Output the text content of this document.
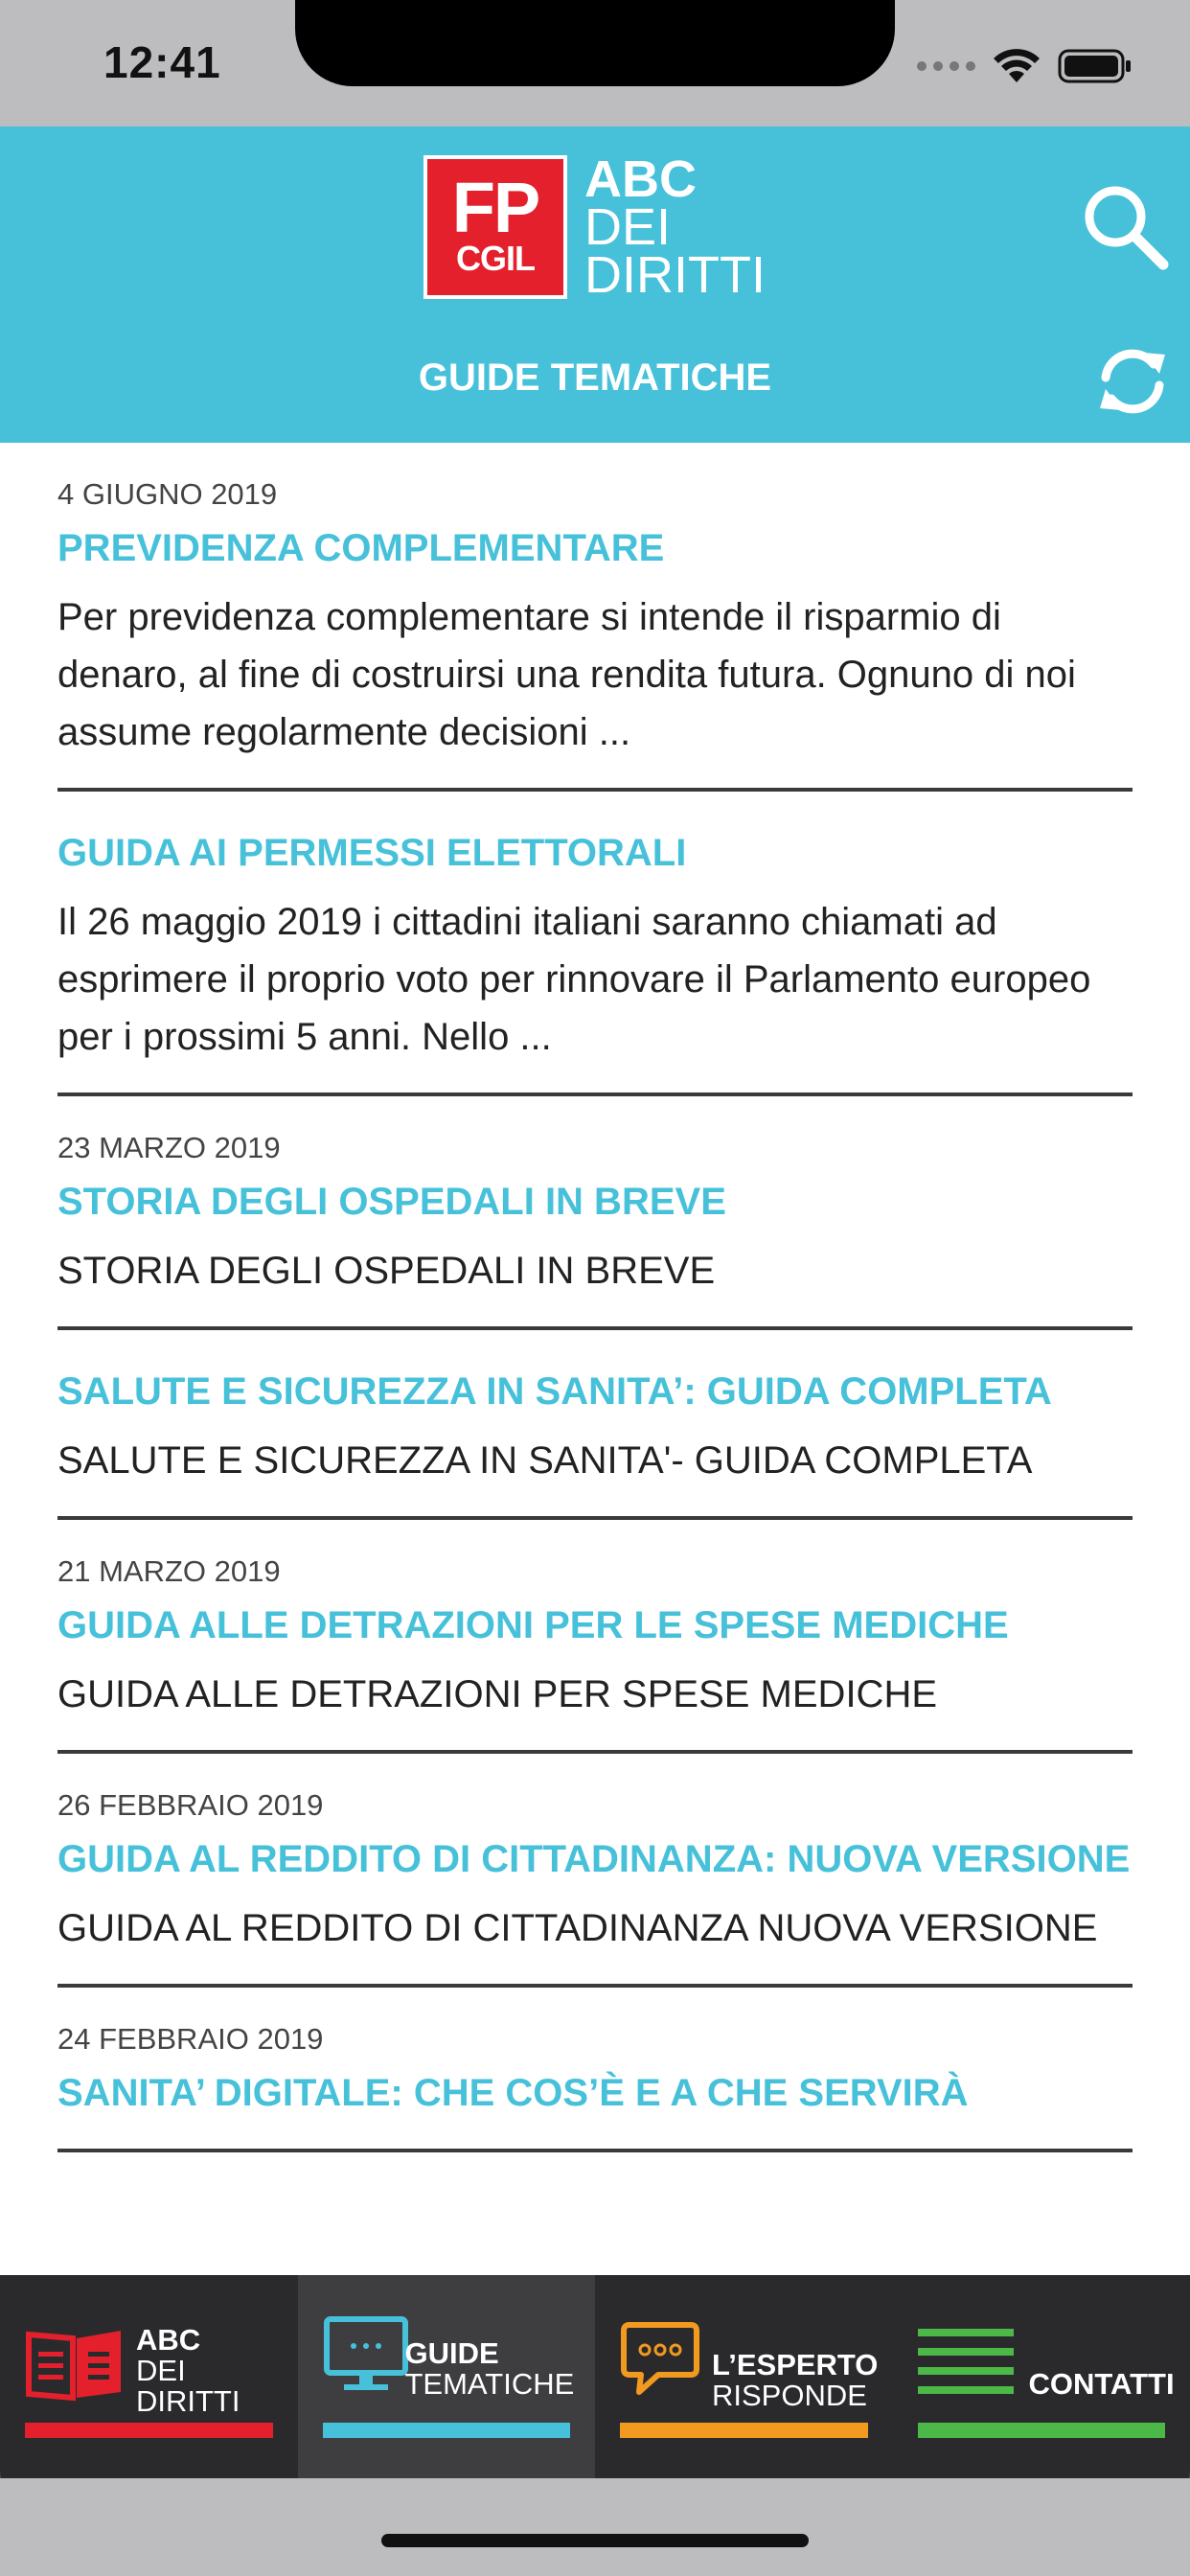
12:41
FP
CGIL
ABC
DEI
DIRITTI
GUIDE TEMATICHE
4 GIUGNO 2019
PREVIDENZA COMPLEMENTARE
Per previdenza complementare si intende il risparmio di denaro, al fine di costruirsi una rendita futura. Ognuno di noi assume regolarmente decisioni ...
GUIDA AI PERMESSI ELETTORALI
Il 26 maggio 2019 i cittadini italiani saranno chiamati ad esprimere il proprio voto per rinnovare il Parlamento europeo per i prossimi 5 anni. Nello ...
23 MARZO 2019
STORIA DEGLI OSPEDALI IN BREVE
STORIA DEGLI OSPEDALI IN BREVE
SALUTE E SICUREZZA IN SANITA’: GUIDA COMPLETA
SALUTE E SICUREZZA IN SANITA'- GUIDA COMPLETA
21 MARZO 2019
GUIDA ALLE DETRAZIONI PER LE SPESE MEDICHE
GUIDA ALLE DETRAZIONI PER SPESE MEDICHE
26 FEBBRAIO 2019
GUIDA AL REDDITO DI CITTADINANZA: NUOVA VERSIONE
GUIDA AL REDDITO DI CITTADINANZA NUOVA VERSIONE
24 FEBBRAIO 2019
SANITA’ DIGITALE: CHE COS’È E A CHE SERVIRÀ
ABC
DEI
DIRITTI
GUIDE
TEMATICHE
L’ESPERTO
RISPONDE	CONTATTI
